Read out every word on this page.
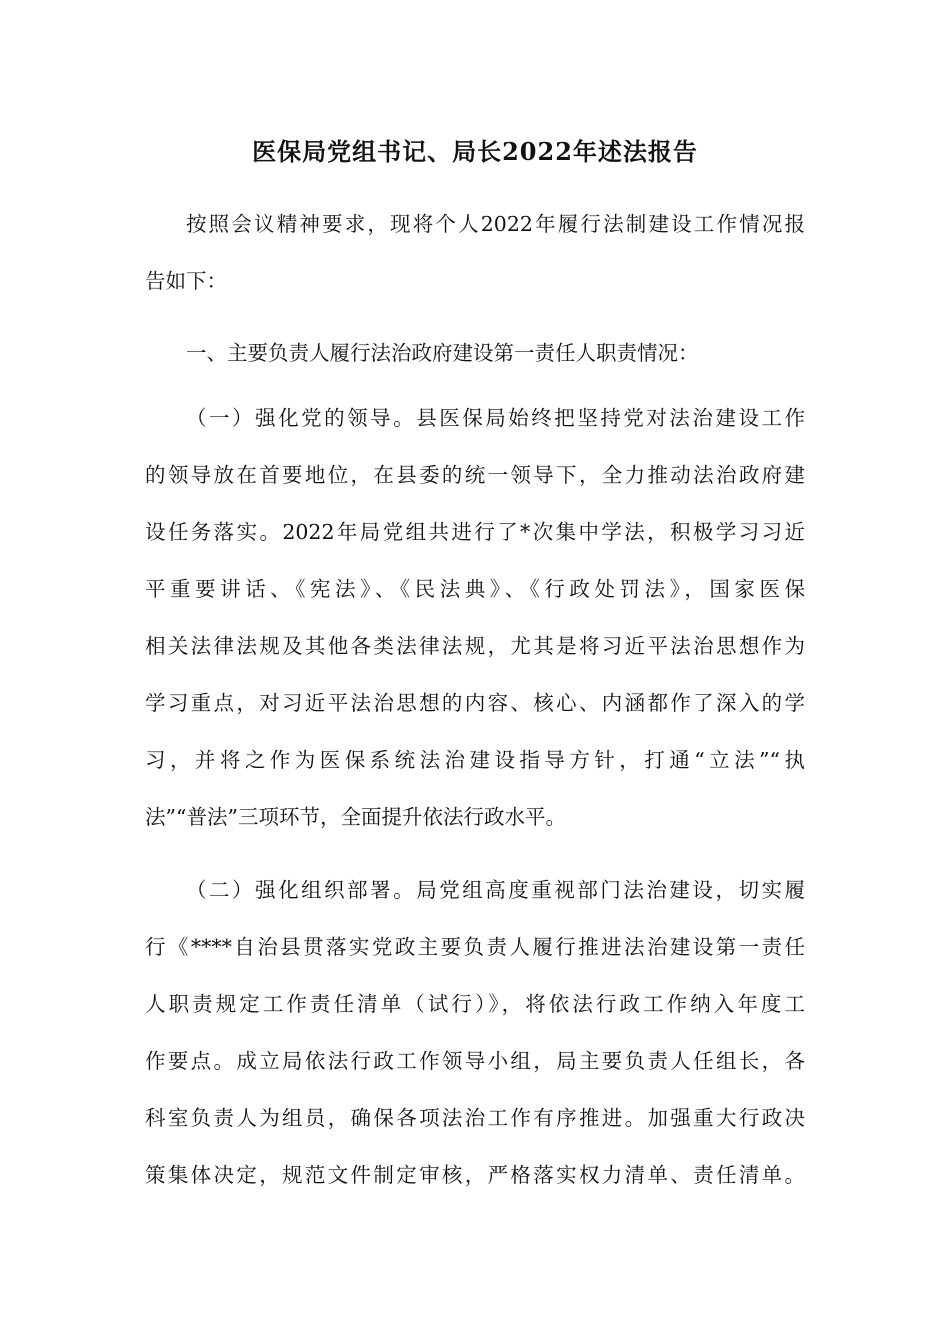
医保局党组书记、局长2022年述法报告
按照会议精神要求，现将个人2022年履行法制建设工作情况报
告如下：
一、主要负责人履行法治政府建设第一责任人职责情况：
（一）强化党的领导。县医保局始终把坚持党对法治建设工作
的领导放在首要地位，在县委的统一领导下，全力推动法治政府建
设任务落实。2022年局党组共进行了*次集中学法，积极学习习近
平重要讲话、《宪法》、《民法典》、《行政处罚法》，国家医保
相关法律法规及其他各类法律法规，尤其是将习近平法治思想作为
学习重点，对习近平法治思想的内容、核心、内涵都作了深入的学
习，并将之作为医保系统法治建设指导方针，打通“立法”“执
法”“普法”三项环节，全面提升依法行政水平。
（二）强化组织部署。局党组高度重视部门法治建设，切实履
行《****自治县贯落实党政主要负责人履行推进法治建设第一责任
人职责规定工作责任清单（试行）》，将依法行政工作纳入年度工
作要点。成立局依法行政工作领导小组，局主要负责人任组长，各
科室负责人为组员，确保各项法治工作有序推进。加强重大行政决
策集体决定，规范文件制定审核，严格落实权力清单、责任清单。
